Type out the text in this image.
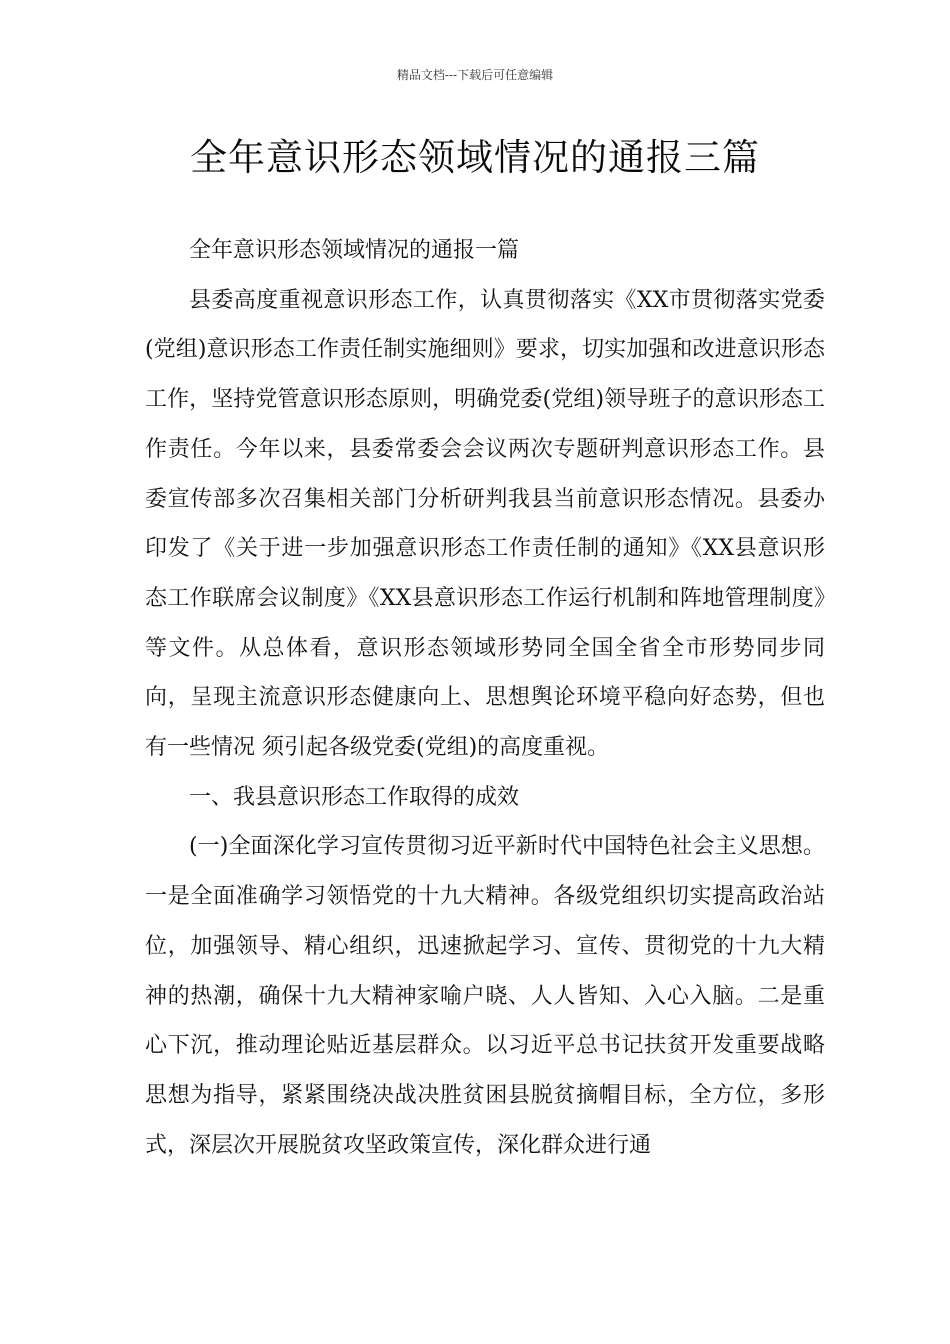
精品文档---下载后可任意编辑
全年意识形态领域情况的通报三篇

全年意识形态领域情况的通报一篇

县委高度重视意识形态工作，认真贯彻落实《XX市贯彻落实党委(党组)意识形态工作责任制实施细则》要求，切实加强和改进意识形态工作，坚持党管意识形态原则，明确党委(党组)领导班子的意识形态工作责任。今年以来，县委常委会会议两次专题研判意识形态工作。县委宣传部多次召集相关部门分析研判我县当前意识形态情况。县委办印发了《关于进一步加强意识形态工作责任制的通知》《XX县意识形态工作联席会议制度》《XX县意识形态工作运行机制和阵地管理制度》等文件。从总体看，意识形态领域形势同全国全省全市形势同步同向，呈现主流意识形态健康向上、思想舆论环境平稳向好态势，但也有一些情况 须引起各级党委(党组)的高度重视。

一、我县意识形态工作取得的成效

(一)全面深化学习宣传贯彻习近平新时代中国特色社会主义思想。 一是全面准确学习领悟党的十九大精神。各级党组织切实提高政治站位，加强领导、精心组织，迅速掀起学习、宣传、贯彻党的十九大精神的热潮，确保十九大精神家喻户晓、人人皆知、入心入脑。二是重心下沉，推动理论贴近基层群众。以习近平总书记扶贫开发重要战略思想为指导，紧紧围绕决战决胜贫困县脱贫摘帽目标，全方位，多形式，深层次开展脱贫攻坚政策宣传，深化群众进行通
